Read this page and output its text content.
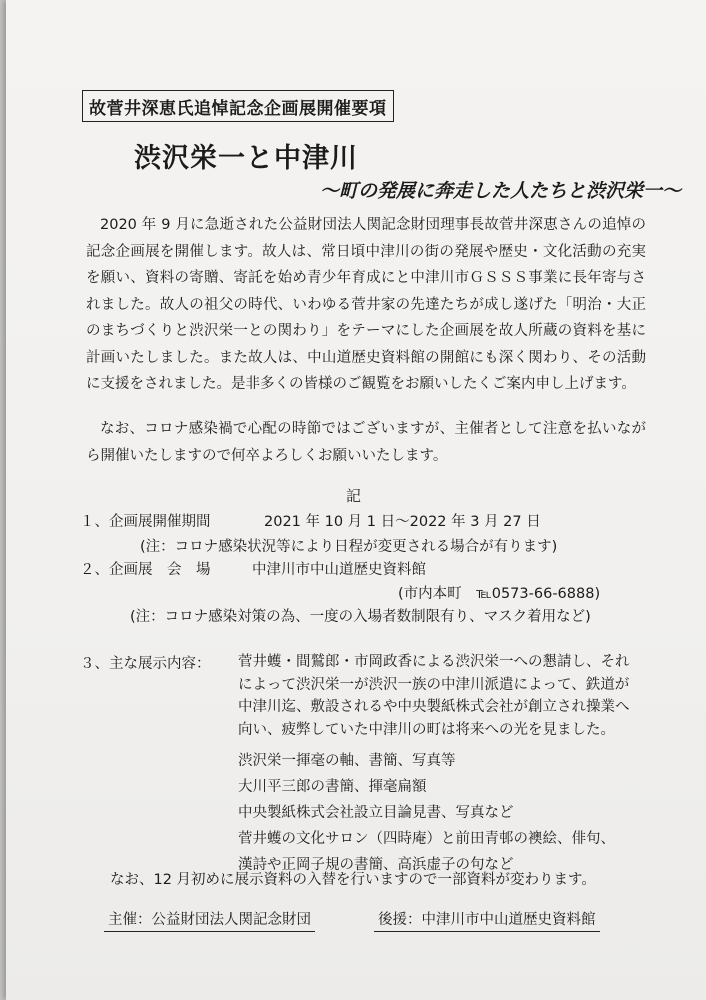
故菅井深恵氏追悼記念企画展開催要項
渋沢栄一と中津川
～町の発展に奔走した人たちと渋沢栄一～
2020 年 9 月に急逝された公益財団法人関記念財団理事長故菅井深恵さんの追悼の記念企画展を開催します。故人は、常日頃中津川の街の発展や歴史・文化活動の充実を願い、資料の寄贈、寄託を始め青少年育成にと中津川市ＧＳＳＳ事業に長年寄与されました。故人の祖父の時代、いわゆる菅井家の先達たちが成し遂げた「明治・大正のまちづくりと渋沢栄一との関わり」をテーマにした企画展を故人所蔵の資料を基に計画いたしました。また故人は、中山道歴史資料館の開館にも深く関わり、その活動に支援をされました。是非多くの皆様のご観覧をお願いしたくご案内申し上げます。
なお、コロナ感染禍で心配の時節ではございますが、主催者として注意を払いながら開催いたしますので何卒よろしくお願いいたします。
記
１、企画展開催期間	2021 年 10 月 1 日～2022 年 3 月 27 日
(注：コロナ感染状況等により日程が変更される場合が有ります)
２、企画展　会　場	中津川市中山道歴史資料館
(市内本町　℡0573-66-6888)
(注：コロナ感染対策の為、一度の入場者数制限有り、マスク着用など)
３、主な展示内容： 菅井蠖・間鷲郎・市岡政香による渋沢栄一への懇請し、それによって渋沢栄一が渋沢一族の中津川派遣によって、鉄道が中津川迄、敷設されるや中央製紙株式会社が創立され操業へ向い、疲弊していた中津川の町は将来への光を見ました。
渋沢栄一揮毫の軸、書簡、写真等
大川平三郎の書簡、揮毫扁額
中央製紙株式会社設立目論見書、写真など
菅井蠖の文化サロン（四時庵）と前田青邨の襖絵、俳句、
漢詩や正岡子規の書簡、高浜虚子の句など
なお、12 月初めに展示資料の入替を行いますので一部資料が変わります。
主催：公益財団法人関記念財団	後援：中津川市中山道歴史資料館
